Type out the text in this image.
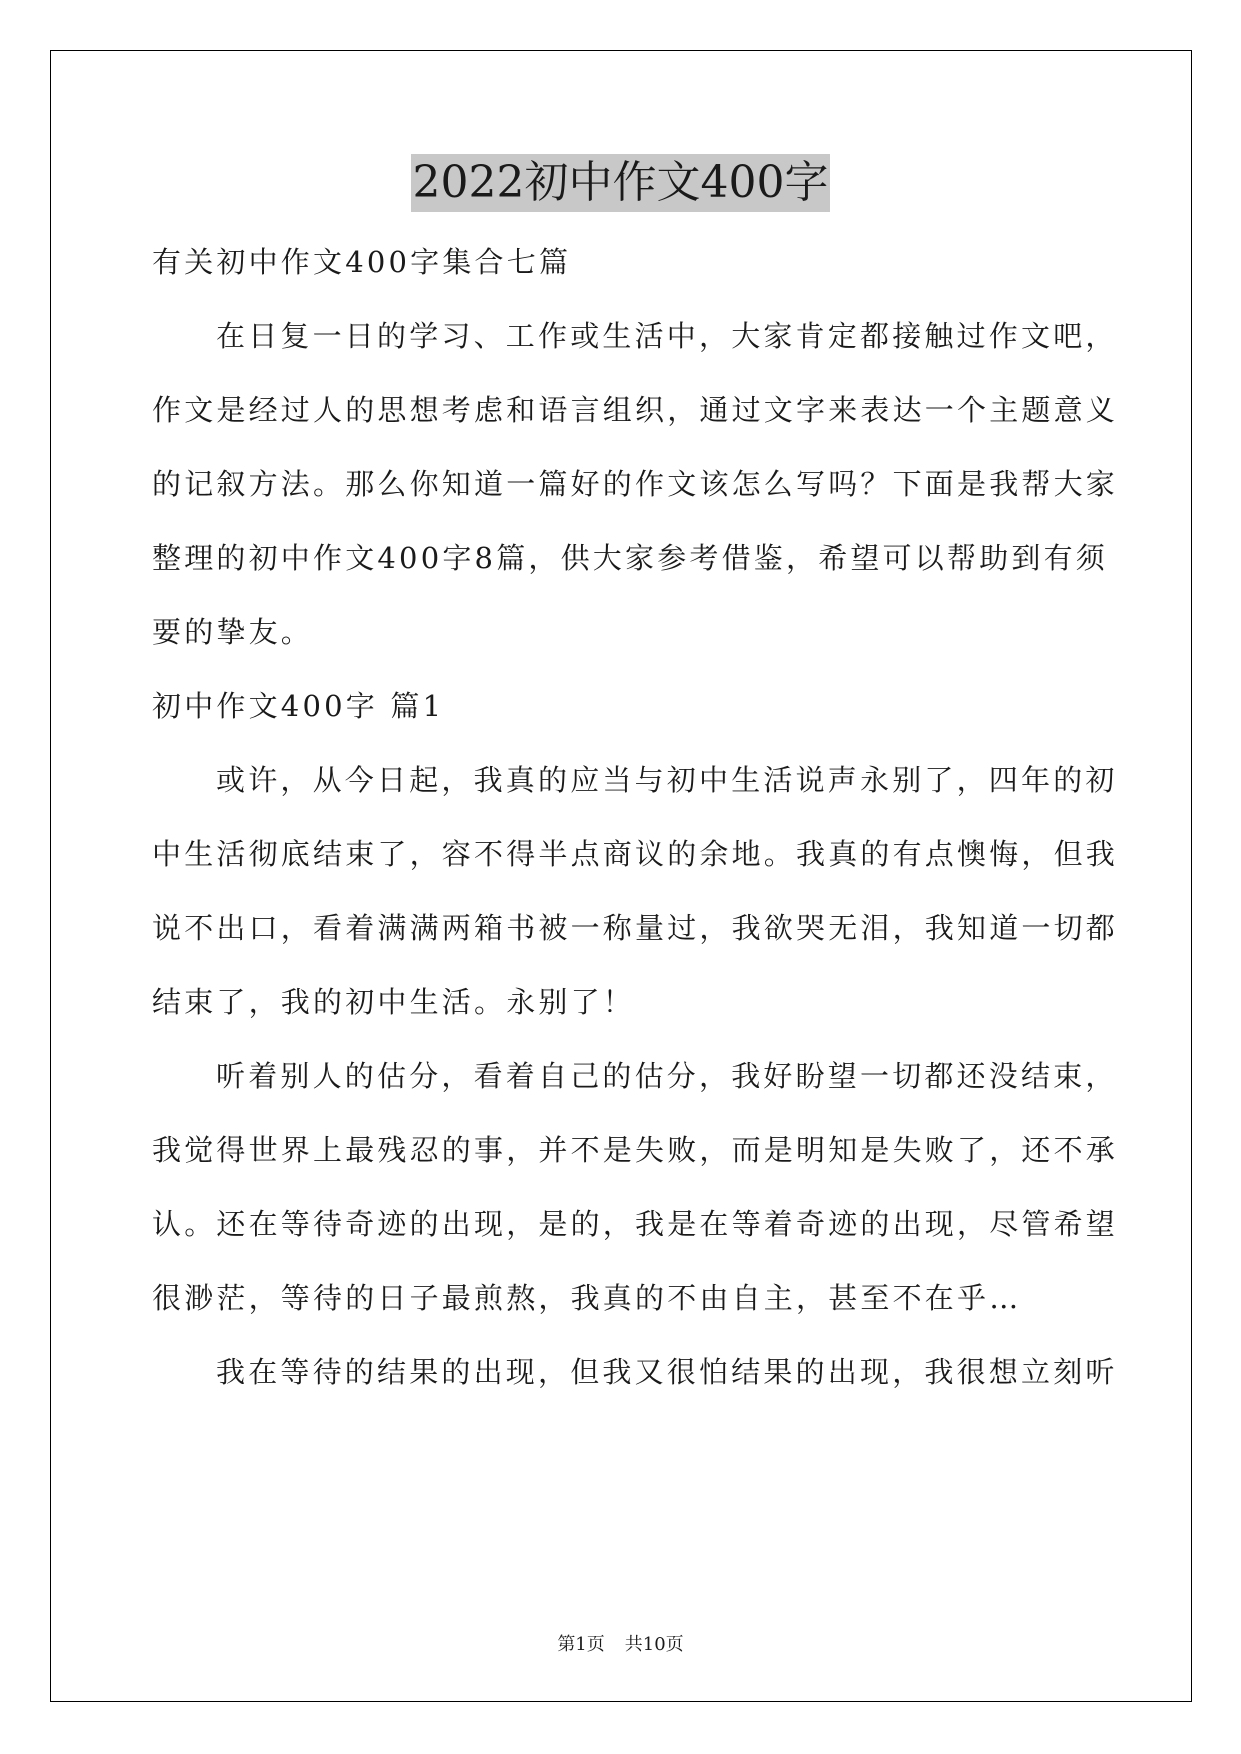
2022初中作文400字
有关初中作文400字集合七篇
在日复一日的学习、工作或生活中，大家肯定都接触过作文吧，
作文是经过人的思想考虑和语言组织，通过文字来表达一个主题意义
的记叙方法。那么你知道一篇好的作文该怎么写吗？下面是我帮大家
整理的初中作文400字8篇，供大家参考借鉴，希望可以帮助到有须
要的挚友。
初中作文400字 篇1
或许，从今日起，我真的应当与初中生活说声永别了，四年的初
中生活彻底结束了，容不得半点商议的余地。我真的有点懊悔，但我
说不出口，看着满满两箱书被一称量过，我欲哭无泪，我知道一切都
结束了，我的初中生活。永别了！
听着别人的估分，看着自己的估分，我好盼望一切都还没结束，
我觉得世界上最残忍的事，并不是失败，而是明知是失败了，还不承
认。还在等待奇迹的出现，是的，我是在等着奇迹的出现，尽管希望
很渺茫，等待的日子最煎熬，我真的不由自主，甚至不在乎…
我在等待的结果的出现，但我又很怕结果的出现，我很想立刻听
第1页 共10页
